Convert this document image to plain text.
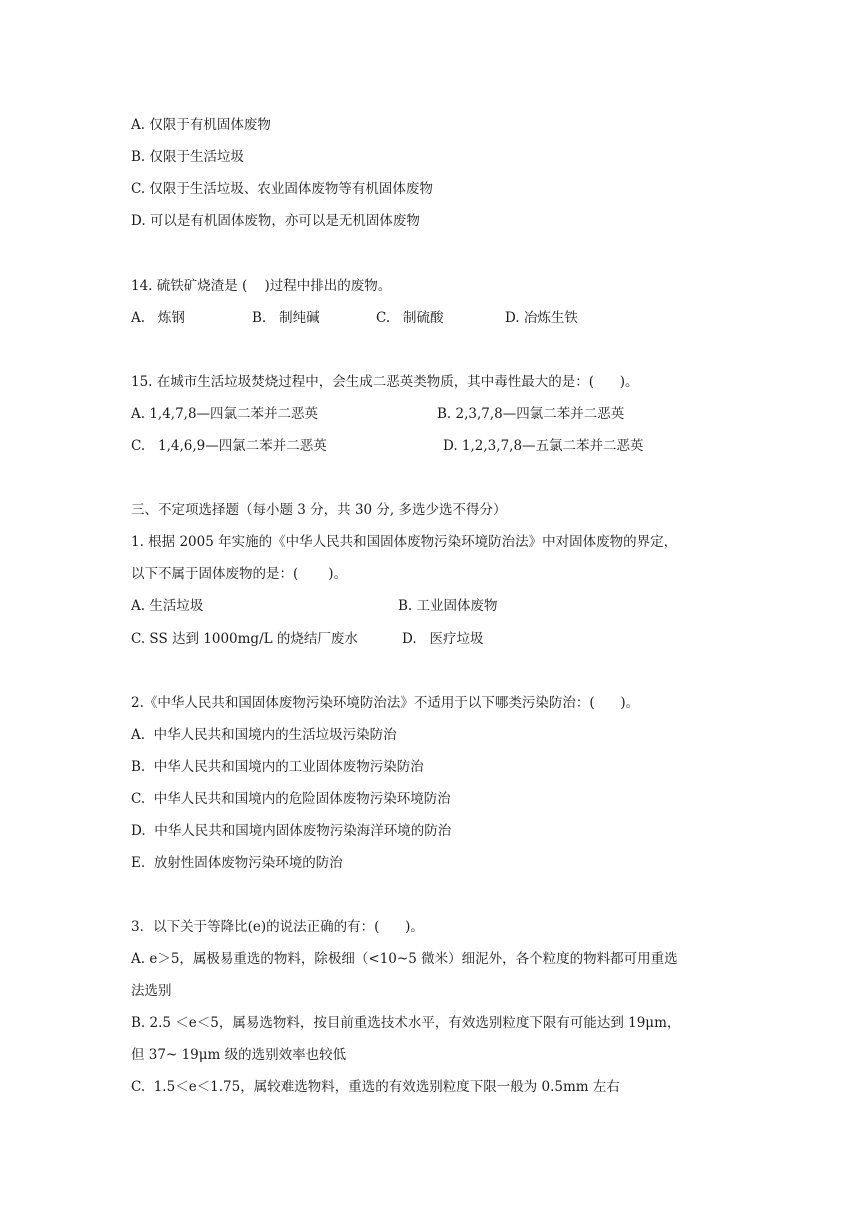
A. 仅限于有机固体废物
B. 仅限于生活垃圾
C. 仅限于生活垃圾、农业固体废物等有机固体废物
D. 可以是有机固体废物，亦可以是无机固体废物
14. 硫铁矿烧渣是 (    )过程中排出的废物。
A.   炼钢	B.   制纯碱	C.   制硫酸	D. 冶炼生铁
15. 在城市生活垃圾焚烧过程中，会生成二恶英类物质，其中毒性最大的是：(      )。
A. 1,4,7,8—四氯二苯并二恶英	B. 2,3,7,8—四氯二苯并二恶英
C.   1,4,6,9—四氯二苯并二恶英	D. 1,2,3,7,8—五氯二苯并二恶英
三、不定项选择题（每小题 3 分，共 30 分, 多选少选不得分）
1. 根据 2005 年实施的《中华人民共和国固体废物污染环境防治法》中对固体废物的界定，
以下不属于固体废物的是：(       )。
A. 生活垃圾	B. 工业固体废物
C. SS 达到 1000mg/L 的烧结厂废水	D.   医疗垃圾
2.《中华人民共和国固体废物污染环境防治法》不适用于以下哪类污染防治：(      )。
A.  中华人民共和国境内的生活垃圾污染防治
B.  中华人民共和国境内的工业固体废物污染防治
C.  中华人民共和国境内的危险固体废物污染环境防治
D.  中华人民共和国境内固体废物污染海洋环境的防治
E.  放射性固体废物污染环境的防治
3．以下关于等降比(e)的说法正确的有：(      )。
A. e＞5，属极易重选的物料，除极细（<10~5 微米）细泥外，各个粒度的物料都可用重选
法选别
B. 2.5 ＜e＜5，属易选物料，按目前重选技术水平，有效选别粒度下限有可能达到 19μm，
但 37~ 19μm 级的选别效率也较低
C.  1.5＜e＜1.75，属较难选物料，重选的有效选别粒度下限一般为 0.5mm 左右
